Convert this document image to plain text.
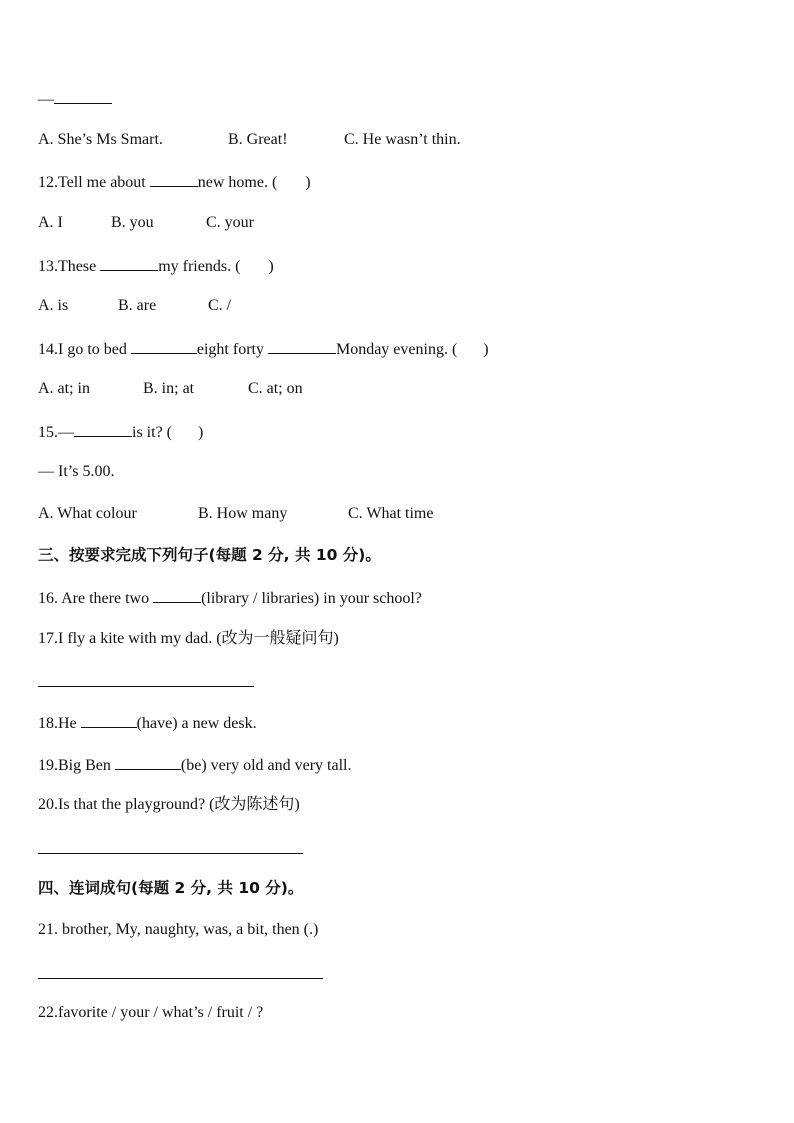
—
A. She’s Ms Smart.	B. Great!	C. He wasn’t thin.
12.Tell me about	new home. ( )
A. I	B. you	C. your
13.These	my friends. ( )
A. is	B. are	C. /
14.I go to bed	eight forty	Monday evening. ( )
A. at; in	B. in; at	C. at; on
15.—	is it? ( )
— It’s 5.00.
A. What colour	B. How many	C. What time
三、按要求完成下列句子(每题 2 分, 共 10 分)。
16. Are there two	(library / libraries) in your school?
17.I fly a kite with my dad. (改为一般疑问句)
18.He	(have) a new desk.
19.Big Ben	(be) very old and very tall.
20.Is that the playground? (改为陈述句)
四、连词成句(每题 2 分, 共 10 分)。
21. brother, My, naughty, was, a bit, then (.)
22.favorite / your / what’s / fruit / ?
